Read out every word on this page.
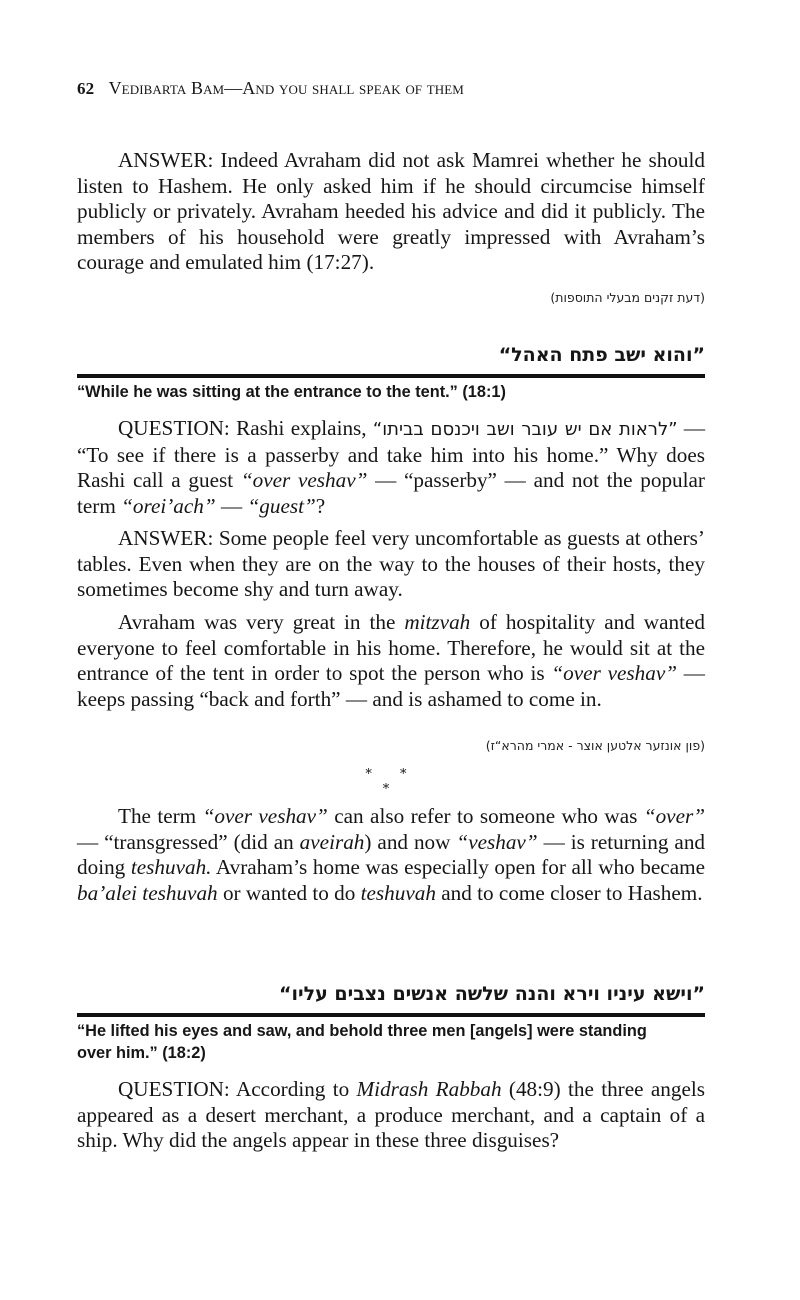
62 Vedibarta Bam—And you shall speak of them

ANSWER: Indeed Avraham did not ask Mamrei whether he should listen to Hashem. He only asked him if he should circumcise himself publicly or privately. Avraham heeded his advice and did it publicly. The members of his household were greatly impressed with Avraham’s courage and emulated him (17:27).

(דעת זקנים מבעלי התוספות)
”והוא ישב פתח האהל“
“While he was sitting at the entrance to the tent.” (18:1)

QUESTION: Rashi explains, ”לראות אם יש עובר ושב ויכנסם בביתו“ — “To see if there is a passerby and take him into his home.” Why does Rashi call a guest “over veshav” — “passerby” — and not the popular term “orei’ach” — “guest”?

ANSWER: Some people feel very uncomfortable as guests at others’ tables. Even when they are on the way to the houses of their hosts, they sometimes become shy and turn away.

Avraham was very great in the mitzvah of hospitality and wanted everyone to feel comfortable in his home. Therefore, he would sit at the entrance of the tent in order to spot the person who is “over veshav” — keeps passing “back and forth” — and is ashamed to come in.

(פון אונזער אלטען אוצר - אמרי מהרא“ז)
* * *

The term “over veshav” can also refer to someone who was “over” — “transgressed” (did an aveirah) and now “veshav” — is returning and doing teshuvah. Avraham’s home was especially open for all who became ba’alei teshuvah or wanted to do teshuvah and to come closer to Hashem.

”וישא עיניו וירא והנה שלשה אנשים נצבים עליו“
“He lifted his eyes and saw, and behold three men [angels] were standing over him.” (18:2)

QUESTION: According to Midrash Rabbah (48:9) the three angels appeared as a desert merchant, a produce merchant, and a captain of a ship. Why did the angels appear in these three disguises?
